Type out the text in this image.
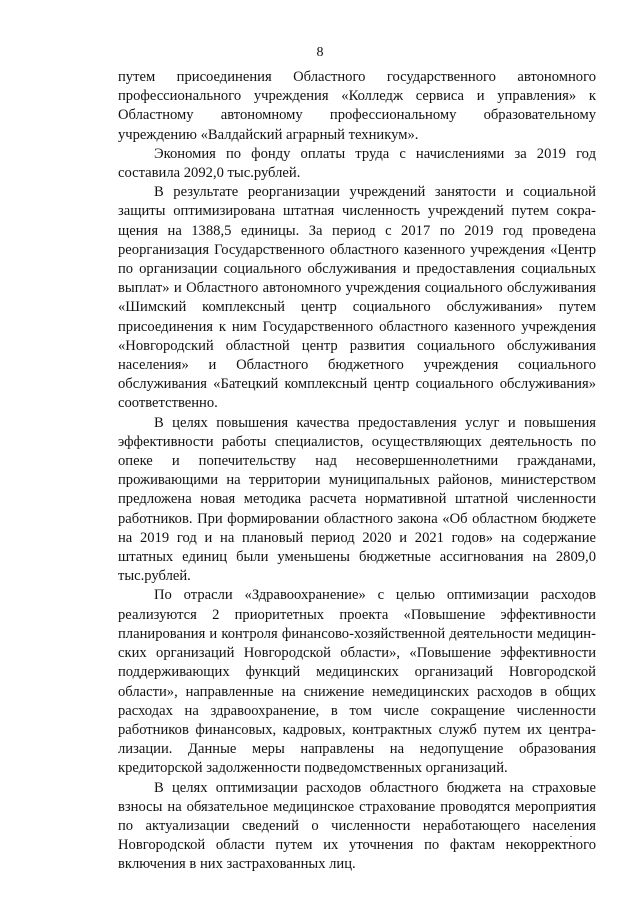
8

путем присоединения Областного государственного автономного профессионального учреждения «Колледж сервиса и управления» к Областному автономному профессиональному образовательному учреждению «Валдайский аграрный техникум».

Экономия по фонду оплаты труда с начислениями за 2019 год составила 2092,0 тыс.рублей.

В результате реорганизации учреждений занятости и социальной защиты оптимизирована штатная численность учреждений путем сокращения на 1388,5 единицы. За период с 2017 по 2019 год проведена реорганизация Государственного областного казенного учреждения «Центр по организации социального обслуживания и предоставления социальных выплат» и Областного автономного учреждения социального обслуживания «Шимский комплексный центр социального обслуживания» путем присоединения к ним Государственного областного казенного учреждения «Новгородский областной центр развития социального обслуживания населения» и Областного бюджетного учреждения социального обслуживания «Батецкий комплексный центр социального обслуживания» соответственно.

В целях повышения качества предоставления услуг и повышения эффективности работы специалистов, осуществляющих деятельность по опеке и попечительству над несовершеннолетними гражданами, проживающими на территории муниципальных районов, министерством предложена новая методика расчета нормативной штатной численности работников. При формировании областного закона «Об областном бюджете на 2019 год и на плановый период 2020 и 2021 годов» на содержание штатных единиц были уменьшены бюджетные ассигнования на 2809,0 тыс.рублей.

По отрасли «Здравоохранение» с целью оптимизации расходов реализуются 2 приоритетных проекта «Повышение эффективности планирования и контроля финансово-хозяйственной деятельности медицинских организаций Новгородской области», «Повышение эффективности поддерживающих функций медицинских организаций Новгородской области», направленные на снижение немедицинских расходов в общих расходах на здравоохранение, в том числе сокращение численности работников финансовых, кадровых, контрактных служб путем их централизации. Данные меры направлены на недопущение образования кредиторской задолженности подведомственных организаций.

В целях оптимизации расходов областного бюджета на страховые взносы на обязательное медицинское страхование проводятся мероприятия по актуализации сведений о численности неработающего населения Новгородской области путем их уточнения по фактам некорректного включения в них застрахованных лиц.
